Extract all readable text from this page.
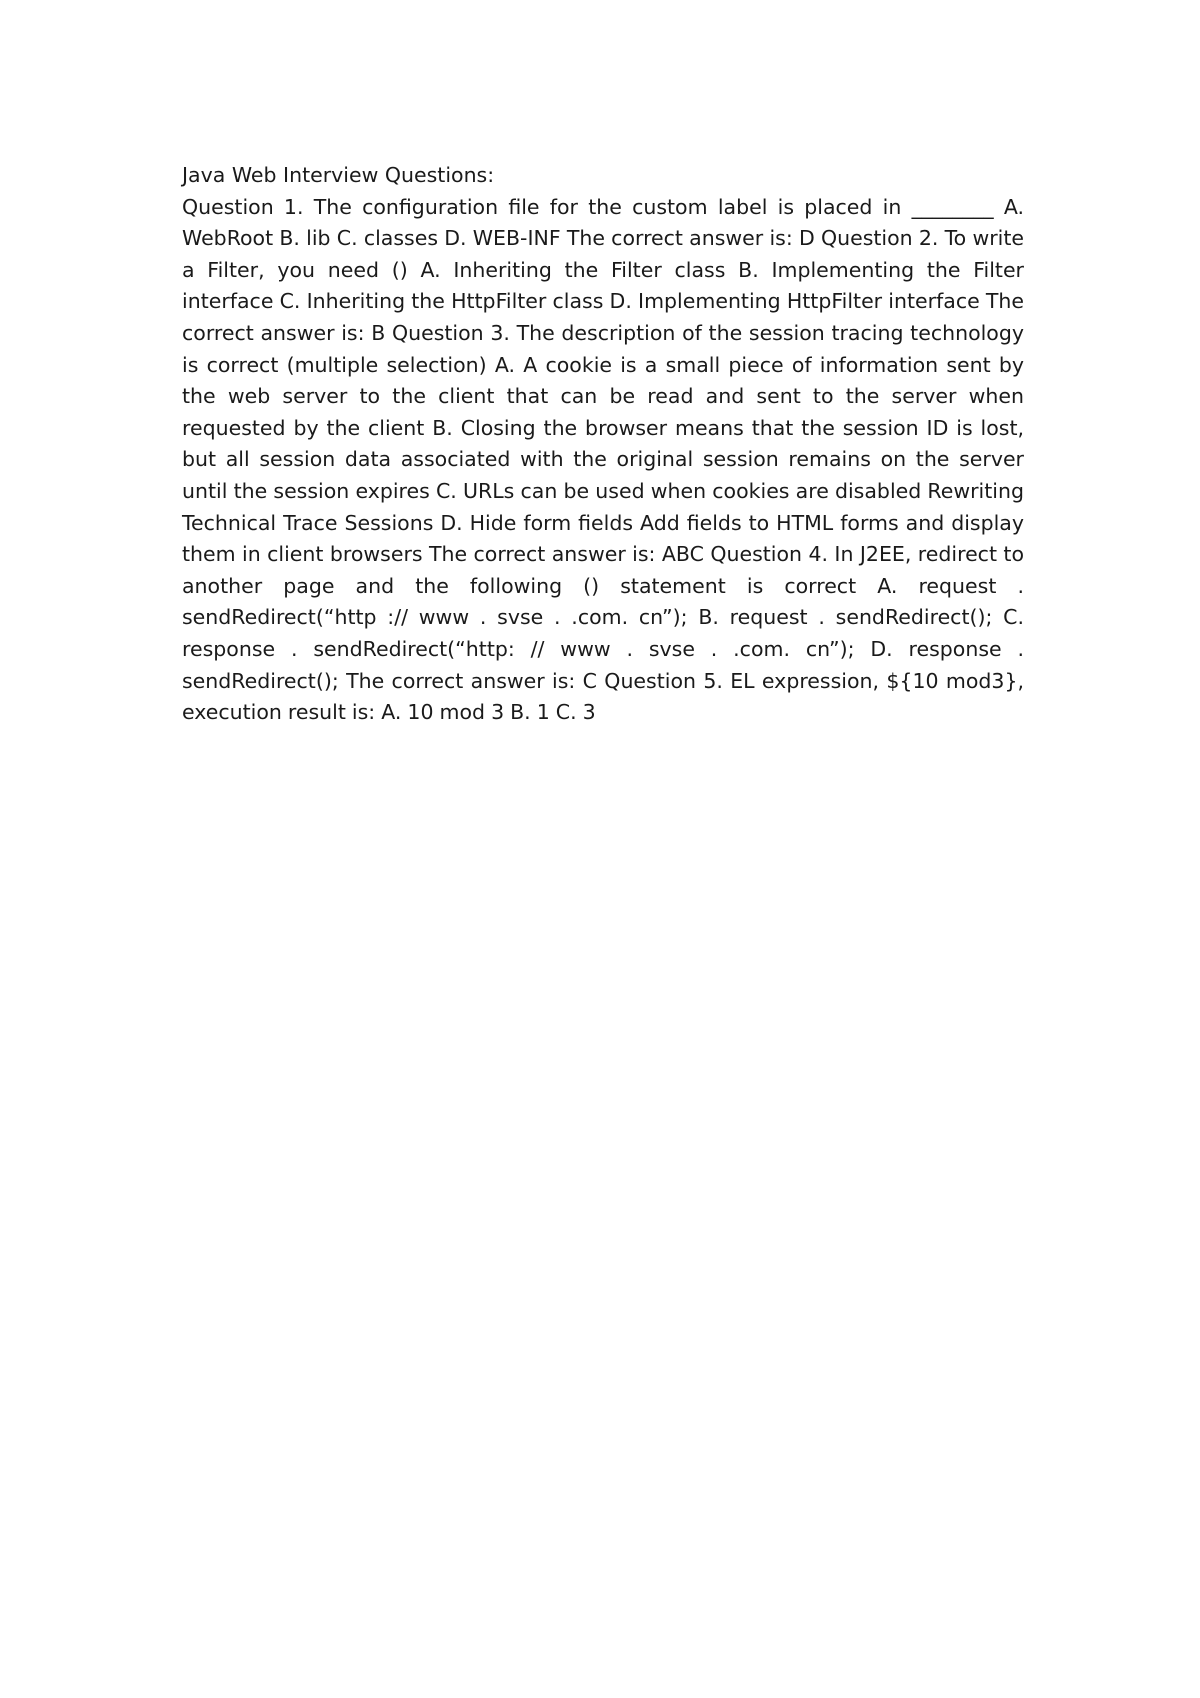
Java Web Interview Questions:

Question 1. The configuration file for the custom label is placed in ________ A. WebRoot B. lib C. classes D. WEB-INF The correct answer is: D Question 2. To write a Filter, you need () A. Inheriting the Filter class B. Implementing the Filter interface C. Inheriting the HttpFilter class D. Implementing HttpFilter interface The correct answer is: B Question 3. The description of the session tracing technology is correct (multiple selection) A. A cookie is a small piece of information sent by the web server to the client that can be read and sent to the server when requested by the client B. Closing the browser means that the session ID is lost, but all session data associated with the original session remains on the server until the session expires C. URLs can be used when cookies are disabled Rewriting Technical Trace Sessions D. Hide form fields Add fields to HTML forms and display them in client browsers The correct answer is: ABC Question 4. In J2EE, redirect to another page and the following () statement is correct A. request . sendRedirect(“http :// www . svse . .com. cn”); B. request . sendRedirect(); C. response . sendRedirect(“http: // www . svse . .com. cn”); D. response . sendRedirect(); The correct answer is: C Question 5. EL expression, ${10 mod3}, execution result is: A. 10 mod 3 B. 1 C. 3
